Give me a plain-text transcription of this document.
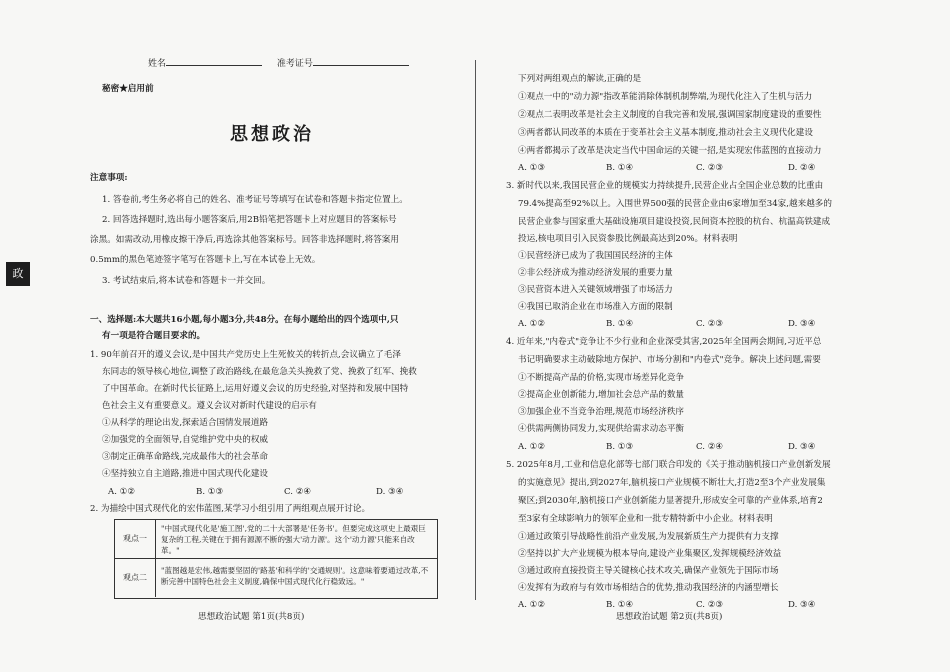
政
姓名	准考证号
秘密★启用前
思想政治
注意事项:
1. 答卷前,考生务必将自己的姓名、准考证号等填写在试卷和答题卡指定位置上。
2. 回答选择题时,选出每小题答案后,用2B铅笔把答题卡上对应题目的答案标号
涂黑。如需改动,用橡皮擦干净后,再选涂其他答案标号。回答非选择题时,将答案用
0.5mm的黑色笔迹签字笔写在答题卡上,写在本试卷上无效。
3. 考试结束后,将本试卷和答题卡一并交回。
一、选择题:本大题共16小题,每小题3分,共48分。在每小题给出的四个选项中,只
有一项是符合题目要求的。
1. 90年前召开的遵义会议,是中国共产党历史上生死攸关的转折点,会议确立了毛泽
东同志的领导核心地位,调整了政治路线,在最危急关头挽救了党、挽救了红军、挽救
了中国革命。在新时代长征路上,运用好遵义会议的历史经验,对坚持和发展中国特
色社会主义有重要意义。遵义会议对新时代建设的启示有
①从科学的理论出发,探索适合国情发展道路
②加强党的全面领导,自觉维护党中央的权威
③制定正确革命路线,完成最伟大的社会革命
④坚持独立自主道路,推进中国式现代化建设
A. ①②	B. ①③	C. ②④	D. ③④
2. 为描绘中国式现代化的宏伟蓝图,某学习小组引用了两组观点展开讨论。
观点一
"中国式现代化是'施工图',党的二十大部署是'任务书'。但要完成这项史上最艰巨复杂的工程,关键在于拥有源源不断的强大'动力源'。这个'动力源'只能来自改革。"
观点二
"蓝图越是宏伟,越需要坚固的'路基'和科学的'交通规则'。这意味着要通过改革,不断完善中国特色社会主义制度,确保中国式现代化行稳致远。"
思想政治试题 第1页(共8页)
下列对两组观点的解读,正确的是
①观点一中的"动力源"指改革能消除体制机制弊端,为现代化注入了生机与活力
②观点二表明改革是社会主义制度的自我完善和发展,强调国家制度建设的重要性
③两者都认同改革的本质在于变革社会主义基本制度,推动社会主义现代化建设
④两者都揭示了改革是决定当代中国命运的关键一招,是实现宏伟蓝图的直接动力
A. ①③	B. ①④	C. ②③	D. ②④
3. 新时代以来,我国民营企业的规模实力持续提升,民营企业占全国企业总数的比重由
79.4%提高至92%以上。入围世界500强的民营企业由6家增加至34家,越来越多的
民营企业参与国家重大基础设施项目建设投资,民间资本控股的杭台、杭温高铁建成
投运,核电项目引入民资参股比例最高达到20%。材料表明
①民营经济已成为了我国国民经济的主体
②非公经济成为推动经济发展的重要力量
③民营资本进入关键领域增强了市场活力
④我国已取消企业在市场准入方面的限制
A. ①②	B. ①④	C. ②③	D. ③④
4. 近年来,"内卷式"竞争让不少行业和企业深受其害,2025年全国两会期间,习近平总
书记明确要求主动破除地方保护、市场分割和"内卷式"竞争。解决上述问题,需要
①不断提高产品的价格,实现市场差异化竞争
②提高企业创新能力,增加社会总产品的数量
③加强企业不当竞争治理,规范市场经济秩序
④供需两侧协同发力,实现供给需求动态平衡
A. ①②	B. ①③	C. ②④	D. ③④
5. 2025年8月,工业和信息化部等七部门联合印发的《关于推动脑机接口产业创新发展
的实施意见》提出,到2027年,脑机接口产业规模不断壮大,打造2至3个产业发展集
聚区;到2030年,脑机接口产业创新能力显著提升,形成安全可靠的产业体系,培育2
至3家有全球影响力的领军企业和一批专精特新中小企业。材料表明
①通过政策引导战略性前沿产业发展,为发展新质生产力提供有力支撑
②坚持以扩大产业规模为根本导向,建设产业集聚区,发挥规模经济效益
③通过政府直接投资主导关键核心技术攻关,确保产业领先于国际市场
④发挥有为政府与有效市场相结合的优势,推动我国经济的内涵型增长
A. ①②	B. ①④	C. ②③	D. ③④
思想政治试题 第2页(共8页)
